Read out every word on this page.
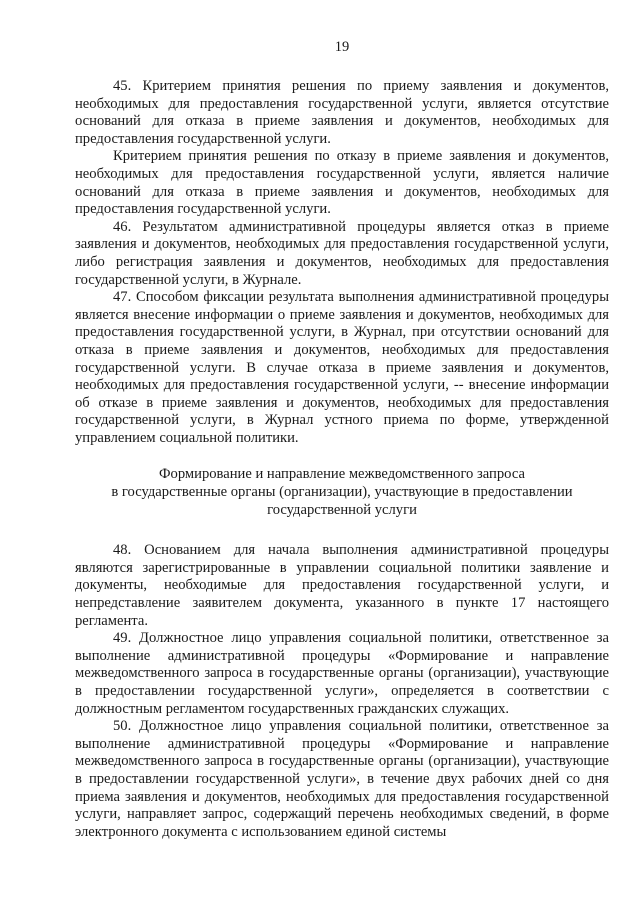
19

45. Критерием принятия решения по приему заявления и документов, необходимых для предоставления государственной услуги, является отсутствие оснований для отказа в приеме заявления и документов, необходимых для предоставления государственной услуги.

Критерием принятия решения по отказу в приеме заявления и документов, необходимых для предоставления государственной услуги, является наличие оснований для отказа в приеме заявления и документов, необходимых для предоставления государственной услуги.

46. Результатом административной процедуры является отказ в приеме заявления и документов, необходимых для предоставления государственной услуги, либо регистрация заявления и документов, необходимых для предоставления государственной услуги, в Журнале.

47. Способом фиксации результата выполнения административной процедуры является внесение информации о приеме заявления и документов, необходимых для предоставления государственной услуги, в Журнал, при отсутствии оснований для отказа в приеме заявления и документов, необходимых для предоставления государственной услуги. В случае отказа в приеме заявления и документов, необходимых для предоставления государственной услуги, -- внесение информации об отказе в приеме заявления и документов, необходимых для предоставления государственной услуги, в Журнал устного приема по форме, утвержденной управлением социальной политики.

Формирование и направление межведомственного запроса
в государственные органы (организации), участвующие в предоставлении
государственной услуги

48. Основанием для начала выполнения административной процедуры являются зарегистрированные в управлении социальной политики заявление и документы, необходимые для предоставления государственной услуги, и непредставление заявителем документа, указанного в пункте 17 настоящего регламента.

49. Должностное лицо управления социальной политики, ответственное за выполнение административной процедуры «Формирование и направление межведомственного запроса в государственные органы (организации), участвующие в предоставлении государственной услуги», определяется в соответствии с должностным регламентом государственных гражданских служащих.

50. Должностное лицо управления социальной политики, ответственное за выполнение административной процедуры «Формирование и направление межведомственного запроса в государственные органы (организации), участвующие в предоставлении государственной услуги», в течение двух рабочих дней со дня приема заявления и документов, необходимых для предоставления государственной услуги, направляет запрос, содержащий перечень необходимых сведений, в форме электронного документа с использованием единой системы
